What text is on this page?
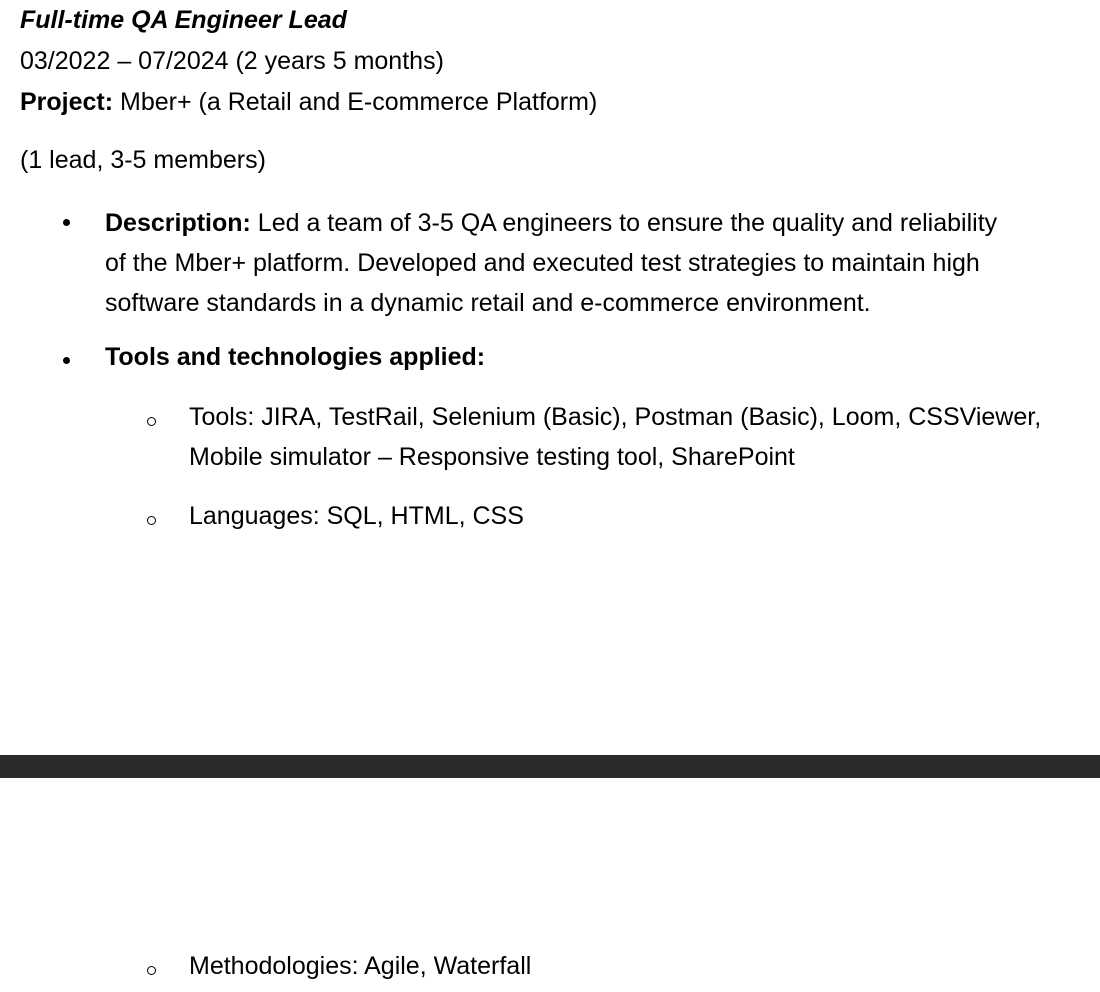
Full-time QA Engineer Lead
03/2022 – 07/2024 (2 years 5 months)
Project: Mber+ (a Retail and E-commerce Platform)
(1 lead, 3-5 members)
Description: Led a team of 3-5 QA engineers to ensure the quality and reliability
of the Mber+ platform. Developed and executed test strategies to maintain high
software standards in a dynamic retail and e-commerce environment.
Tools and technologies applied:
Tools: JIRA, TestRail, Selenium (Basic), Postman (Basic), Loom, CSSViewer,
Mobile simulator – Responsive testing tool, SharePoint
Languages: SQL, HTML, CSS
Methodologies: Agile, Waterfall
